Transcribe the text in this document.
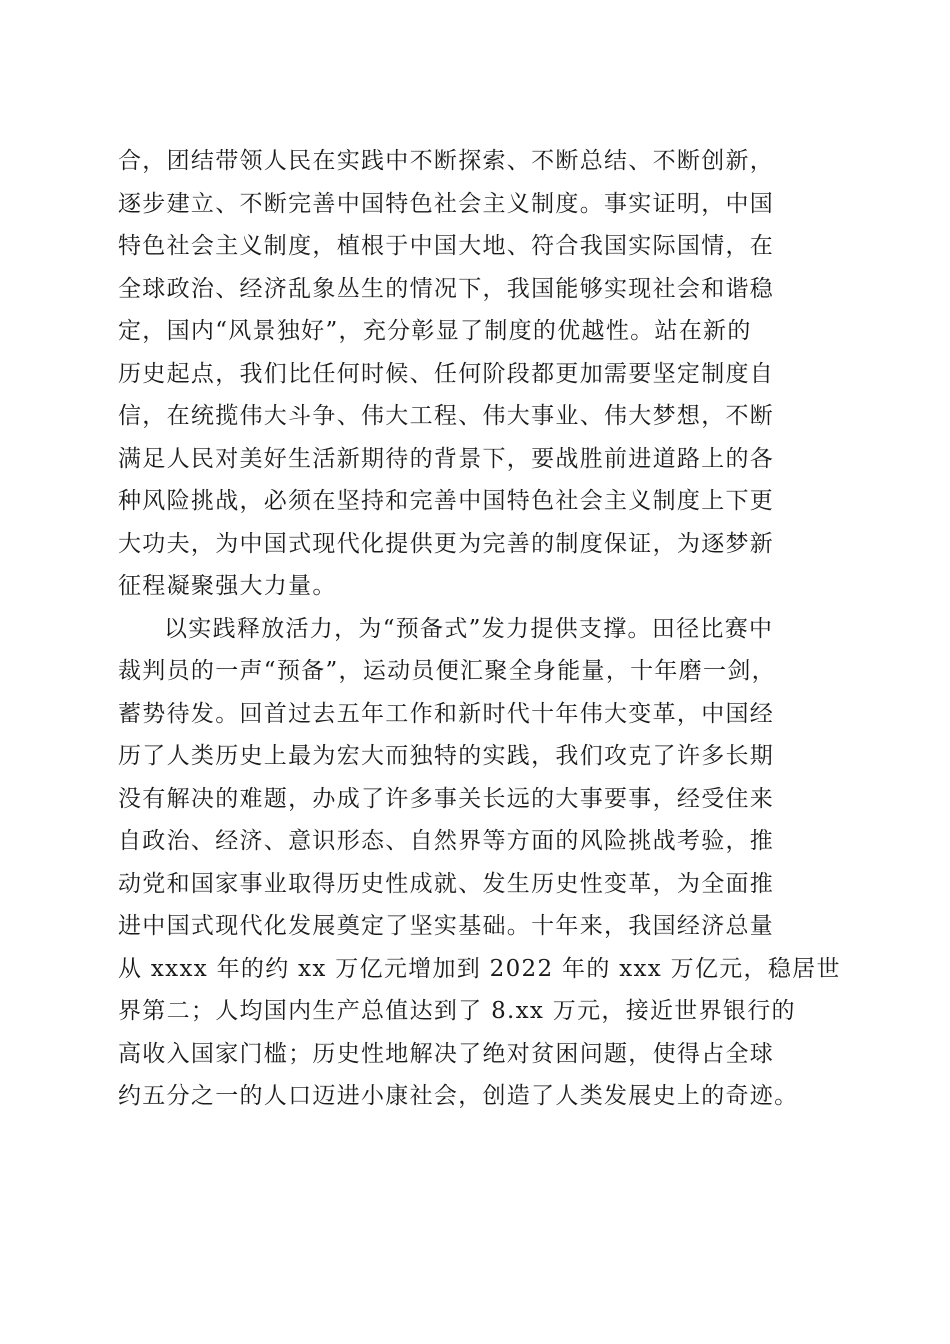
合，团结带领人民在实践中不断探索、不断总结、不断创新，
逐步建立、不断完善中国特色社会主义制度。事实证明，中国
特色社会主义制度，植根于中国大地、符合我国实际国情，在
全球政治、经济乱象丛生的情况下，我国能够实现社会和谐稳
定，国内“风景独好”，充分彰显了制度的优越性。站在新的
历史起点，我们比任何时候、任何阶段都更加需要坚定制度自
信，在统揽伟大斗争、伟大工程、伟大事业、伟大梦想，不断
满足人民对美好生活新期待的背景下，要战胜前进道路上的各
种风险挑战，必须在坚持和完善中国特色社会主义制度上下更
大功夫，为中国式现代化提供更为完善的制度保证，为逐梦新
征程凝聚强大力量。
以实践释放活力，为“预备式”发力提供支撑。田径比赛中
裁判员的一声“预备”，运动员便汇聚全身能量，十年磨一剑，
蓄势待发。回首过去五年工作和新时代十年伟大变革，中国经
历了人类历史上最为宏大而独特的实践，我们攻克了许多长期
没有解决的难题，办成了许多事关长远的大事要事，经受住来
自政治、经济、意识形态、自然界等方面的风险挑战考验，推
动党和国家事业取得历史性成就、发生历史性变革，为全面推
进中国式现代化发展奠定了坚实基础。十年来，我国经济总量
从 xxxx 年的约 xx 万亿元增加到 2022 年的 xxx 万亿元，稳居世
界第二；人均国内生产总值达到了 8.xx 万元，接近世界银行的
高收入国家门槛；历史性地解决了绝对贫困问题，使得占全球
约五分之一的人口迈进小康社会，创造了人类发展史上的奇迹。
